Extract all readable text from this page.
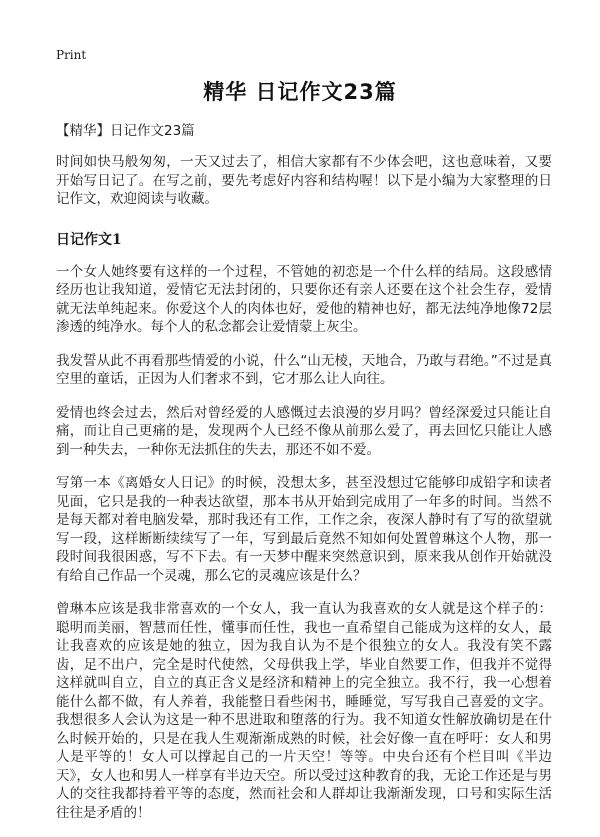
Print
精华 日记作文23篇
【精华】日记作文23篇

时间如快马般匆匆，一天又过去了，相信大家都有不少体会吧，这也意味着，又要开始写日记了。在写之前，要先考虑好内容和结构喔！以下是小编为大家整理的日记作文，欢迎阅读与收藏。

日记作文1

一个女人她终要有这样的一个过程，不管她的初恋是一个什么样的结局。这段感情经历也让我知道，爱情它无法封闭的，只要你还有亲人还要在这个社会生存，爱情就无法单纯起来。你爱这个人的肉体也好，爱他的精神也好，都无法纯净地像72层渗透的纯净水。每个人的私念都会让爱情蒙上灰尘。

我发誓从此不再看那些情爱的小说，什么“山无棱，天地合，乃敢与君绝。”不过是真空里的童话，正因为人们奢求不到，它才那么让人向往。

爱情也终会过去，然后对曾经爱的人感慨过去浪漫的岁月吗？曾经深爱过只能让自痛，而让自己更痛的是，发现两个人已经不像从前那么爱了，再去回忆只能让人感到一种失去，一种你无法抓住的失去，那还不如不爱。

写第一本《离婚女人日记》的时候，没想太多，甚至没想过它能够印成铅字和读者见面，它只是我的一种表达欲望，那本书从开始到完成用了一年多的时间。当然不是每天都对着电脑发晕，那时我还有工作，工作之余，夜深人静时有了写的欲望就写一段，这样断断续续写了一年，写到最后竟然不知如何处置曾琳这个人物，那一段时间我很困惑，写不下去。有一天梦中醒来突然意识到，原来我从创作开始就没有给自己作品一个灵魂，那么它的灵魂应该是什么？

曾琳本应该是我非常喜欢的一个女人，我一直认为我喜欢的女人就是这个样子的：聪明而美丽，智慧而任性，懂事而任性，我也一直希望自己能成为这样的女人，最让我喜欢的应该是她的独立，因为我自认为不是个很独立的女人。我没有笑不露齿，足不出户，完全是时代使然，父母供我上学，毕业自然要工作，但我并不觉得这样就叫自立，自立的真正含义是经济和精神上的完全独立。我不行，我一心想着能什么都不做，有人养着，我能整日看些闲书，睡睡觉，写写我自己喜爱的文字。我想很多人会认为这是一种不思进取和堕落的行为。我不知道女性解放确切是在什么时候开始的，只是在我人生观渐渐成熟的时候，社会好像一直在呼吁：女人和男人是平等的！女人可以撑起自己的一片天空！等等。中央台还有个栏目叫《半边天》，女人也和男人一样享有半边天空。所以受过这种教育的我，无论工作还是与男人的交往我都持着平等的态度，然而社会和人群却让我渐渐发现，口号和实际生活往往是矛盾的！
